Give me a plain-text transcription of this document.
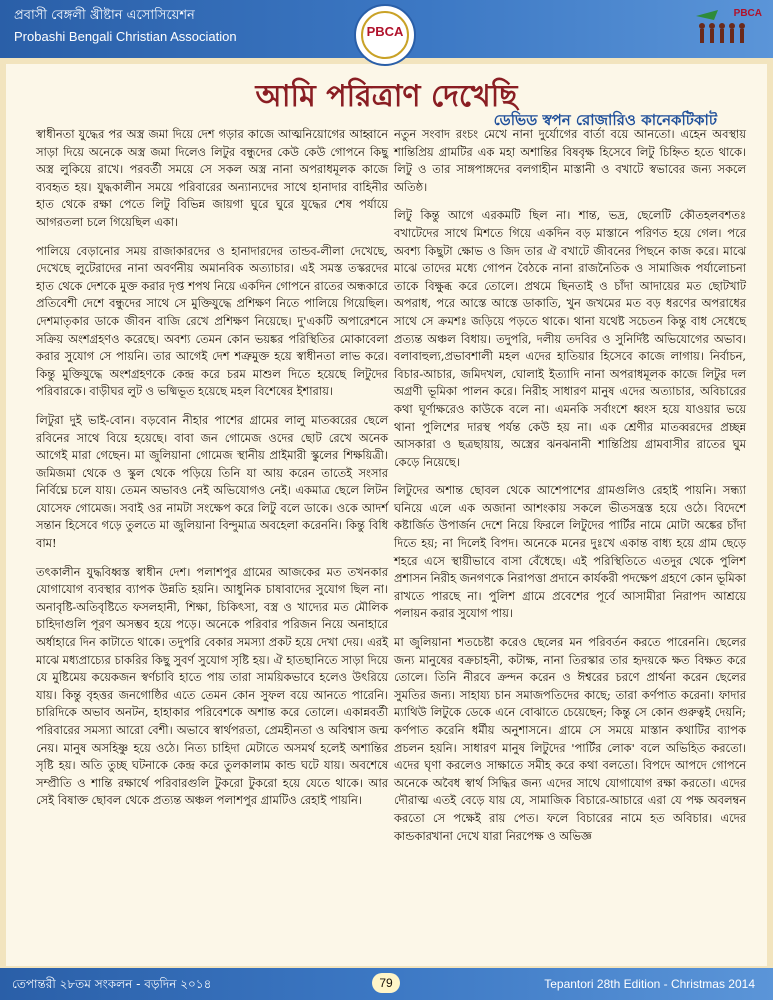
প্রবাসী বেঙ্গলী খ্রীষ্টান এসোসিয়েশন
Probashi Bengali Christian Association	PBCA
PBCA
আমি পরিত্রাণ দেখেছি
ডেভিড স্বপন রোজারিও কানেকটিকাট

স্বাধীনতা যুদ্ধের পর অস্ত্র জমা দিয়ে দেশ গড়ার কাজে আত্মনিয়োগের আহ্বানে সাড়া দিয়ে অনেকে অস্ত্র জমা দিলেও লিটুর বন্ধুদের কেউ কেউ গোপনে কিছু অস্ত্র লুকিয়ে রাখে। পরবর্তী সময়ে সে সকল অস্ত্র নানা অপরাধমূলক কাজে ব্যবহৃত হয়। যুদ্ধকালীন সময়ে পরিবারের অন্যান্যদের সাথে হানাদার বাহিনীর হাত থেকে রক্ষা পেতে লিটু বিভিন্ন জায়গা ঘুরে ঘুরে যুদ্ধের শেষ পর্যায়ে আগরতলা চলে গিয়েছিল একা।

পালিয়ে বেড়ানোর সময় রাজাকারদের ও হানাদারদের তান্ডব-লীলা দেখেছে, দেখেছে লুটেরাদের নানা অবর্ণনীয় অমানবিক অত্যাচার। এই সমস্ত তস্করদের হাত থেকে দেশকে মুক্ত করার দৃপ্ত শপথ নিয়ে একদিন গোপনে রাতের অন্ধকারে প্রতিবেশী দেশে বন্ধুদের সাথে সে মুক্তিযুদ্ধে প্রশিক্ষণ নিতে পালিয়ে গিয়েছিল। দেশমাতৃকার ডাকে জীবন বাজি রেখে প্রশিক্ষণ নিয়েছে। দু'একটি অপারেশনে সক্রিয় অংশগ্রহণও করেছে। অবশ্য তেমন কোন ভয়ঙ্কর পরিস্থিতির মোকাবেলা করার সুযোগ সে পায়নি। তার আগেই দেশ শত্রুমুক্ত হয়ে স্বাধীনতা লাভ করে। কিন্তু মুক্তিযুদ্ধে অংশগ্রহণকে কেন্দ্র করে চরম মাশুল দিতে হয়েছে লিটুদের পরিবারকে। বাড়ীঘর লুট ও ভষ্মিভূত হয়েছে মহল বিশেষের ইশারায়।

লিটুরা দুই ভাই-বোন। বড়বোন নীহার পাশের গ্রামের লালু মাতব্বরের ছেলে রবিনের সাথে বিয়ে হয়েছে। বাবা জন গোমেজ ওদের ছোট রেখে অনেক আগেই মারা গেছেন। মা জুলিয়ানা গোমেজ স্থানীয় প্রাইমারী স্কুলের শিক্ষয়িত্রী। জমিজমা থেকে ও স্কুল থেকে পড়িয়ে তিনি যা আয় করেন তাতেই সংসার নির্বিঘ্নে চলে যায়। তেমন অভাবও নেই অভিযোগও নেই। একমাত্র ছেলে লিটন যোসেফ গোমেজ। সবাই ওর নামটা সংক্ষেপ করে লিটু বলে ডাকে। ওকে আদর্শ সন্তান হিসেবে গড়ে তুলতে মা জুলিয়ানা বিন্দুমাত্র অবহেলা করেননি। কিন্তু বিধি বাম!

তৎকালীন যুদ্ধবিধ্বস্ত স্বাধীন দেশ। পলাশপুর গ্রামের আজকের মত তখনকার যোগাযোগ ব্যবস্থার ব্যাপক উন্নতি হয়নি। আধুনিক চাষাবাদের সুযোগ ছিল না। অনাবৃষ্টি-অতিবৃষ্টিতে ফসলহানী, শিক্ষা, চিকিৎসা, বস্ত্র ও খাদ্যের মত মৌলিক চাহিদাগুলি পূরণ অসম্ভব হয়ে পড়ে। অনেকে পরিবার পরিজন নিয়ে অনাহারে অর্ধাহারে দিন কাটাতে থাকে। তদুপরি বেকার সমস্যা প্রকট হয়ে দেখা দেয়। এরই মাঝে মধ্যপ্রাচ্যের চাকরির কিছু সুবর্ণ সুযোগ সৃষ্টি হয়। ঐ হাতছানিতে সাড়া দিয়ে যে মুষ্টিমেয় কয়েকজন স্বর্ণচাবি হাতে পায় তারা সাময়িকভাবে হলেও উৎরিয়ে যায়। কিন্তু বৃহত্তর জনগোষ্ঠির এতে তেমন কোন সুফল বয়ে আনতে পারেনি। চারিদিকে অভাব অনটন, হাহাকার পরিবেশকে অশান্ত করে তোলে। একান্নবর্তী পরিবারের সমস্যা আরো বেশী। অভাবে স্বার্থপরতা, প্রেমহীনতা ও অবিশ্বাস জন্ম নেয়। মানুষ অসহিষ্ণু হয়ে ওঠে। নিত্য চাহিদা মেটাতে অসমর্থ হলেই অশান্তির সৃষ্টি হয়। অতি তুচ্ছ ঘটনাকে কেন্দ্র করে তুলকালাম কান্ড ঘটে যায়। অবশেষে সম্প্রীতি ও শান্তি রক্ষার্থে পরিবারগুলি টুকরো টুকরো হয়ে যেতে থাকে। আর সেই বিষাক্ত ছোবল থেকে প্রত্যন্ত অঞ্চল পলাশপুর গ্রামটিও রেহাই পায়নি।

নতুন সংবাদ রংচং মেখে নানা দুর্যোগের বার্তা বয়ে আনতো। এহেন অবস্থায় শান্তিপ্রিয় গ্রামটির এক মহা অশান্তির বিষবৃক্ষ হিসেবে লিটু চিহ্নিত হতে থাকে। লিটু ও তার সাঙ্গপাঙ্গদের বলগাহীন মাস্তানী ও বখাটে স্বভাবের জন্য সকলে অতিষ্ঠ।

লিটু কিন্তু আগে এরকমটি ছিল না। শান্ত, ভদ্র, ছেলেটি কৌতহলবশতঃ বখাটেদের সাথে মিশতে গিয়ে একদিন বড় মাস্তানে পরিণত হয়ে গেল। পরে অবশ্য কিছুটা ক্ষোভ ও জিদ তার ঐ বখাটে জীবনের পিছনে কাজ করে। মাঝে মাঝে তাদের মধ্যে গোপন বৈঠকে নানা রাজনৈতিক ও সামাজিক পর্যালোচনা তাকে বিক্ষুব্ধ করে তোলে। প্রথমে ছিনতাই ও চাঁদা আদায়ের মত ছোটখাট অপরাধ, পরে আস্তে আস্তে ডাকাতি, খুন জখমের মত বড় ধরণের অপরাধের সাথে সে ক্রমশঃ জড়িয়ে পড়তে থাকে। থানা যথেষ্ট সচেতন কিন্তু বাধ সেধেছে প্রত্যন্ত অঞ্চল বিধায়। তদুপরি, দলীয় তদবির ও সুনির্দিষ্ট অভিযোগের অভাব। বলাবাহুল্য,প্রভাবশালী মহল এদের হাতিয়ার হিসেবে কাজে লাগায়। নির্বাচন, বিচার-আচার, জমিদখল, ঘোলাই ইত্যাদি নানা অপরাধমূলক কাজে লিটুর দল অগ্রণী ভূমিকা পালন করে। নিরীহ সাধারণ মানুষ এদের অত্যাচার, অবিচারের কথা ঘূর্ণাক্ষরেও কাউকে বলে না। এমনকি সর্বাংশে ধ্বংস হয়ে যাওয়ার ভয়ে থানা পুলিশের দারস্থ পর্যন্ত কেউ হয় না। এক শ্রেণীর মাতব্বরদের প্রচ্ছন্ন আসকারা ও ছত্রছায়ায়, অস্ত্রের ঝনঝনানী শান্তিপ্রিয় গ্রামবাসীর রাতের ঘুম কেড়ে নিয়েছে।

লিটুদের অশান্ত ছোবল থেকে আশেপাশের গ্রামগুলিও রেহাই পায়নি। সন্ধ্যা ঘনিয়ে এলে এক অজানা আশংকায় সকলে ভীতসন্ত্রস্ত হয়ে ওঠে। বিদেশে কষ্টার্জিত উপার্জন দেশে নিয়ে ফিরলে লিটুদের পার্টির নামে মোটা অঙ্কের চাঁদা দিতে হয়; না দিলেই বিপদ। অনেকে মনের দুঃখে একান্ত বাধ্য হয়ে গ্রাম ছেড়ে শহরে এসে স্থায়ীভাবে বাসা বেঁধেছে। এই পরিস্থিতিতে এতদুর থেকে পুলিশ প্রশাসন নিরীহ জনগণকে নিরাপত্তা প্রদানে কার্যকরী পদক্ষেপ গ্রহণে কোন ভূমিকা রাখতে পারছে না। পুলিশ গ্রামে প্রবেশের পূর্বে আসামীরা নিরাপদ আশ্রয়ে পলায়ন করার সুযোগ পায়।

মা জুলিয়ানা শতচেষ্টা করেও ছেলের মন পরিবর্তন করতে পারেননি। ছেলের জন্য মানুষের বক্রচাহনী, কটাক্ষ, নানা তিরস্কার তার হৃদয়কে ক্ষত বিক্ষত করে তোলে। তিনি নীরবে ক্রন্দন করেন ও ঈশ্বরের চরণে প্রার্থনা করেন ছেলের সুমতির জন্য। সাহায্য চান সমাজপতিদের কাছে; তারা কর্ণপাত করেনা। ফাদার ম্যাথিউ লিটুকে ডেকে এনে বোঝাতে চেয়েছেন; কিন্তু সে কোন গুরুত্বই দেয়নি; কর্ণপাত করেনি ধর্মীয় অনুশাসনে। গ্রামে সে সময়ে মাস্তান কথাটির ব্যাপক প্রচলন হয়নি। সাধারণ মানুষ লিটুদের 'পার্টির লোক' বলে অভিহিত করতো। এদের ঘৃণা করলেও সাক্ষাতে সমীহ করে কথা বলতো। বিপদে আপদে গোপনে অনেকে অবৈধ স্বার্থ সিদ্ধির জন্য এদের সাথে যোগাযোগ রক্ষা করতো। এদের দৌরাত্ম এতই বেড়ে যায় যে, সামাজিক বিচারে-আচারে এরা যে পক্ষ অবলম্বন করতো সে পক্ষেই রায় পেত। ফলে বিচারের নামে হত অবিচার। এদের কান্ডকারখানা দেখে যারা নিরপেক্ষ ও অভিজ্ঞ

তেপান্তরী ২৮তম সংকলন - বড়দিন ২০১৪	79	Tepantori 28th Edition - Christmas 2014
